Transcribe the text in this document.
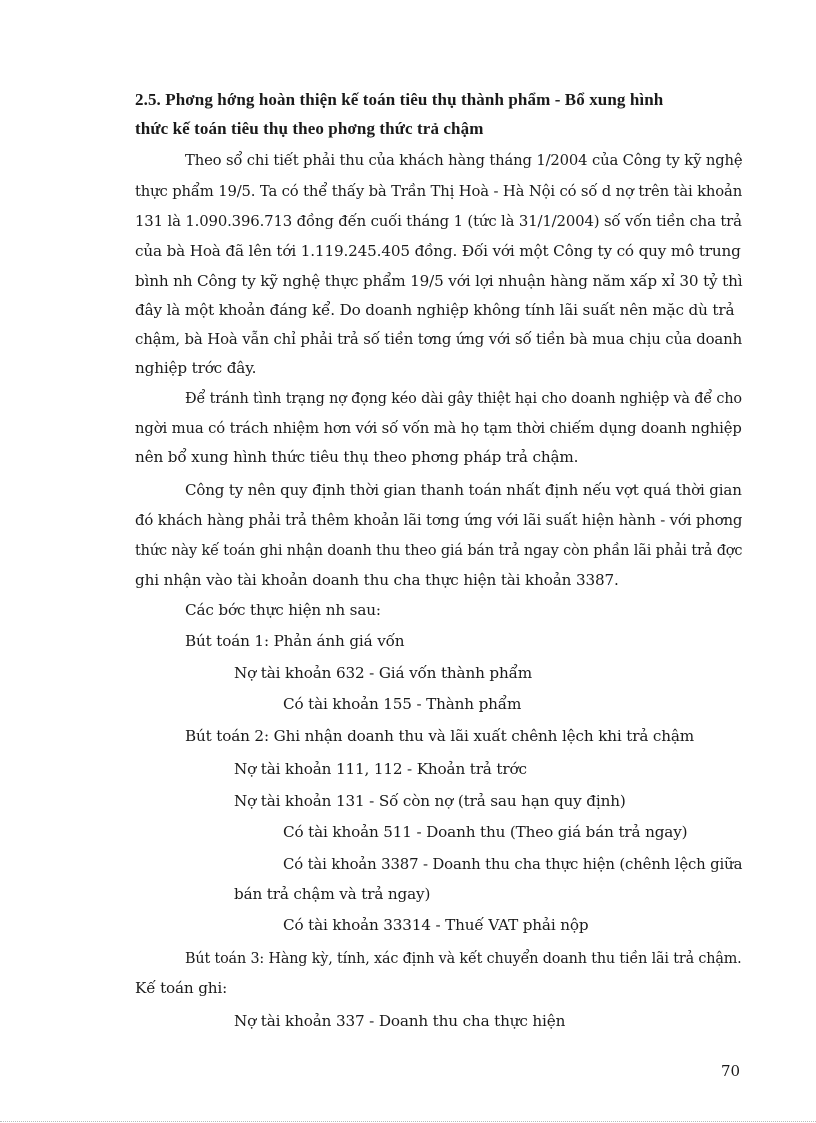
2.5. Phơng hớng hoàn thiện kế toán tiêu thụ thành phẩm - Bổ xung hình
thức kế toán tiêu thụ theo phơng thức trả chậm
Theo sổ chi tiết phải thu của khách hàng tháng 1/2004 của Công ty kỹ nghệ
thực phẩm 19/5. Ta có thể thấy bà Trần Thị Hoà - Hà Nội có số d nợ trên tài khoản
131 là 1.090.396.713 đồng đến cuối tháng 1 (tức là 31/1/2004) số vốn tiền cha trả
của bà Hoà đã lên tới 1.119.245.405 đồng. Đối với một Công ty có quy mô trung
bình nh Công ty kỹ nghệ thực phẩm 19/5 với lợi nhuận hàng năm xấp xỉ 30 tỷ thì
đây là một khoản đáng kể. Do doanh nghiệp không tính lãi suất nên mặc dù trả
chậm, bà Hoà vẫn chỉ phải trả số tiền tơng ứng với số tiền bà mua chịu của doanh
nghiệp trớc đây.
Để tránh tình trạng nợ đọng kéo dài gây thiệt hại cho doanh nghiệp và để cho
ngời mua có trách nhiệm hơn với số vốn mà họ tạm thời chiếm dụng doanh nghiệp
nên bổ xung hình thức tiêu thụ theo phơng pháp trả chậm.
Công ty nên quy định thời gian thanh toán nhất định nếu vợt quá thời gian
đó khách hàng phải trả thêm khoản lãi tơng ứng với lãi suất hiện hành - với phơng
thức này kế toán ghi nhận doanh thu theo giá bán trả ngay còn phần lãi phải trả đợc
ghi nhận vào tài khoản doanh thu cha thực hiện tài khoản 3387.
Các bớc thực hiện nh sau:
Bút toán 1: Phản ánh giá vốn
Nợ tài khoản 632 - Giá vốn thành phẩm
Có tài khoản 155 - Thành phẩm
Bút toán 2: Ghi nhận doanh thu và lãi xuất chênh lệch khi trả chậm
Nợ tài khoản 111, 112 - Khoản trả trớc
Nợ tài khoản 131 - Số còn nợ (trả sau hạn quy định)
Có tài khoản 511 - Doanh thu (Theo giá bán trả ngay)
Có tài khoản 3387 - Doanh thu cha thực hiện (chênh lệch giữa
bán trả chậm và trả ngay)
Có tài khoản 33314 - Thuế VAT phải nộp
Bút toán 3: Hàng kỳ, tính, xác định và kết chuyển doanh thu tiền lãi trả chậm.
Kế toán ghi:
Nợ tài khoản 337 - Doanh thu cha thực hiện
70
